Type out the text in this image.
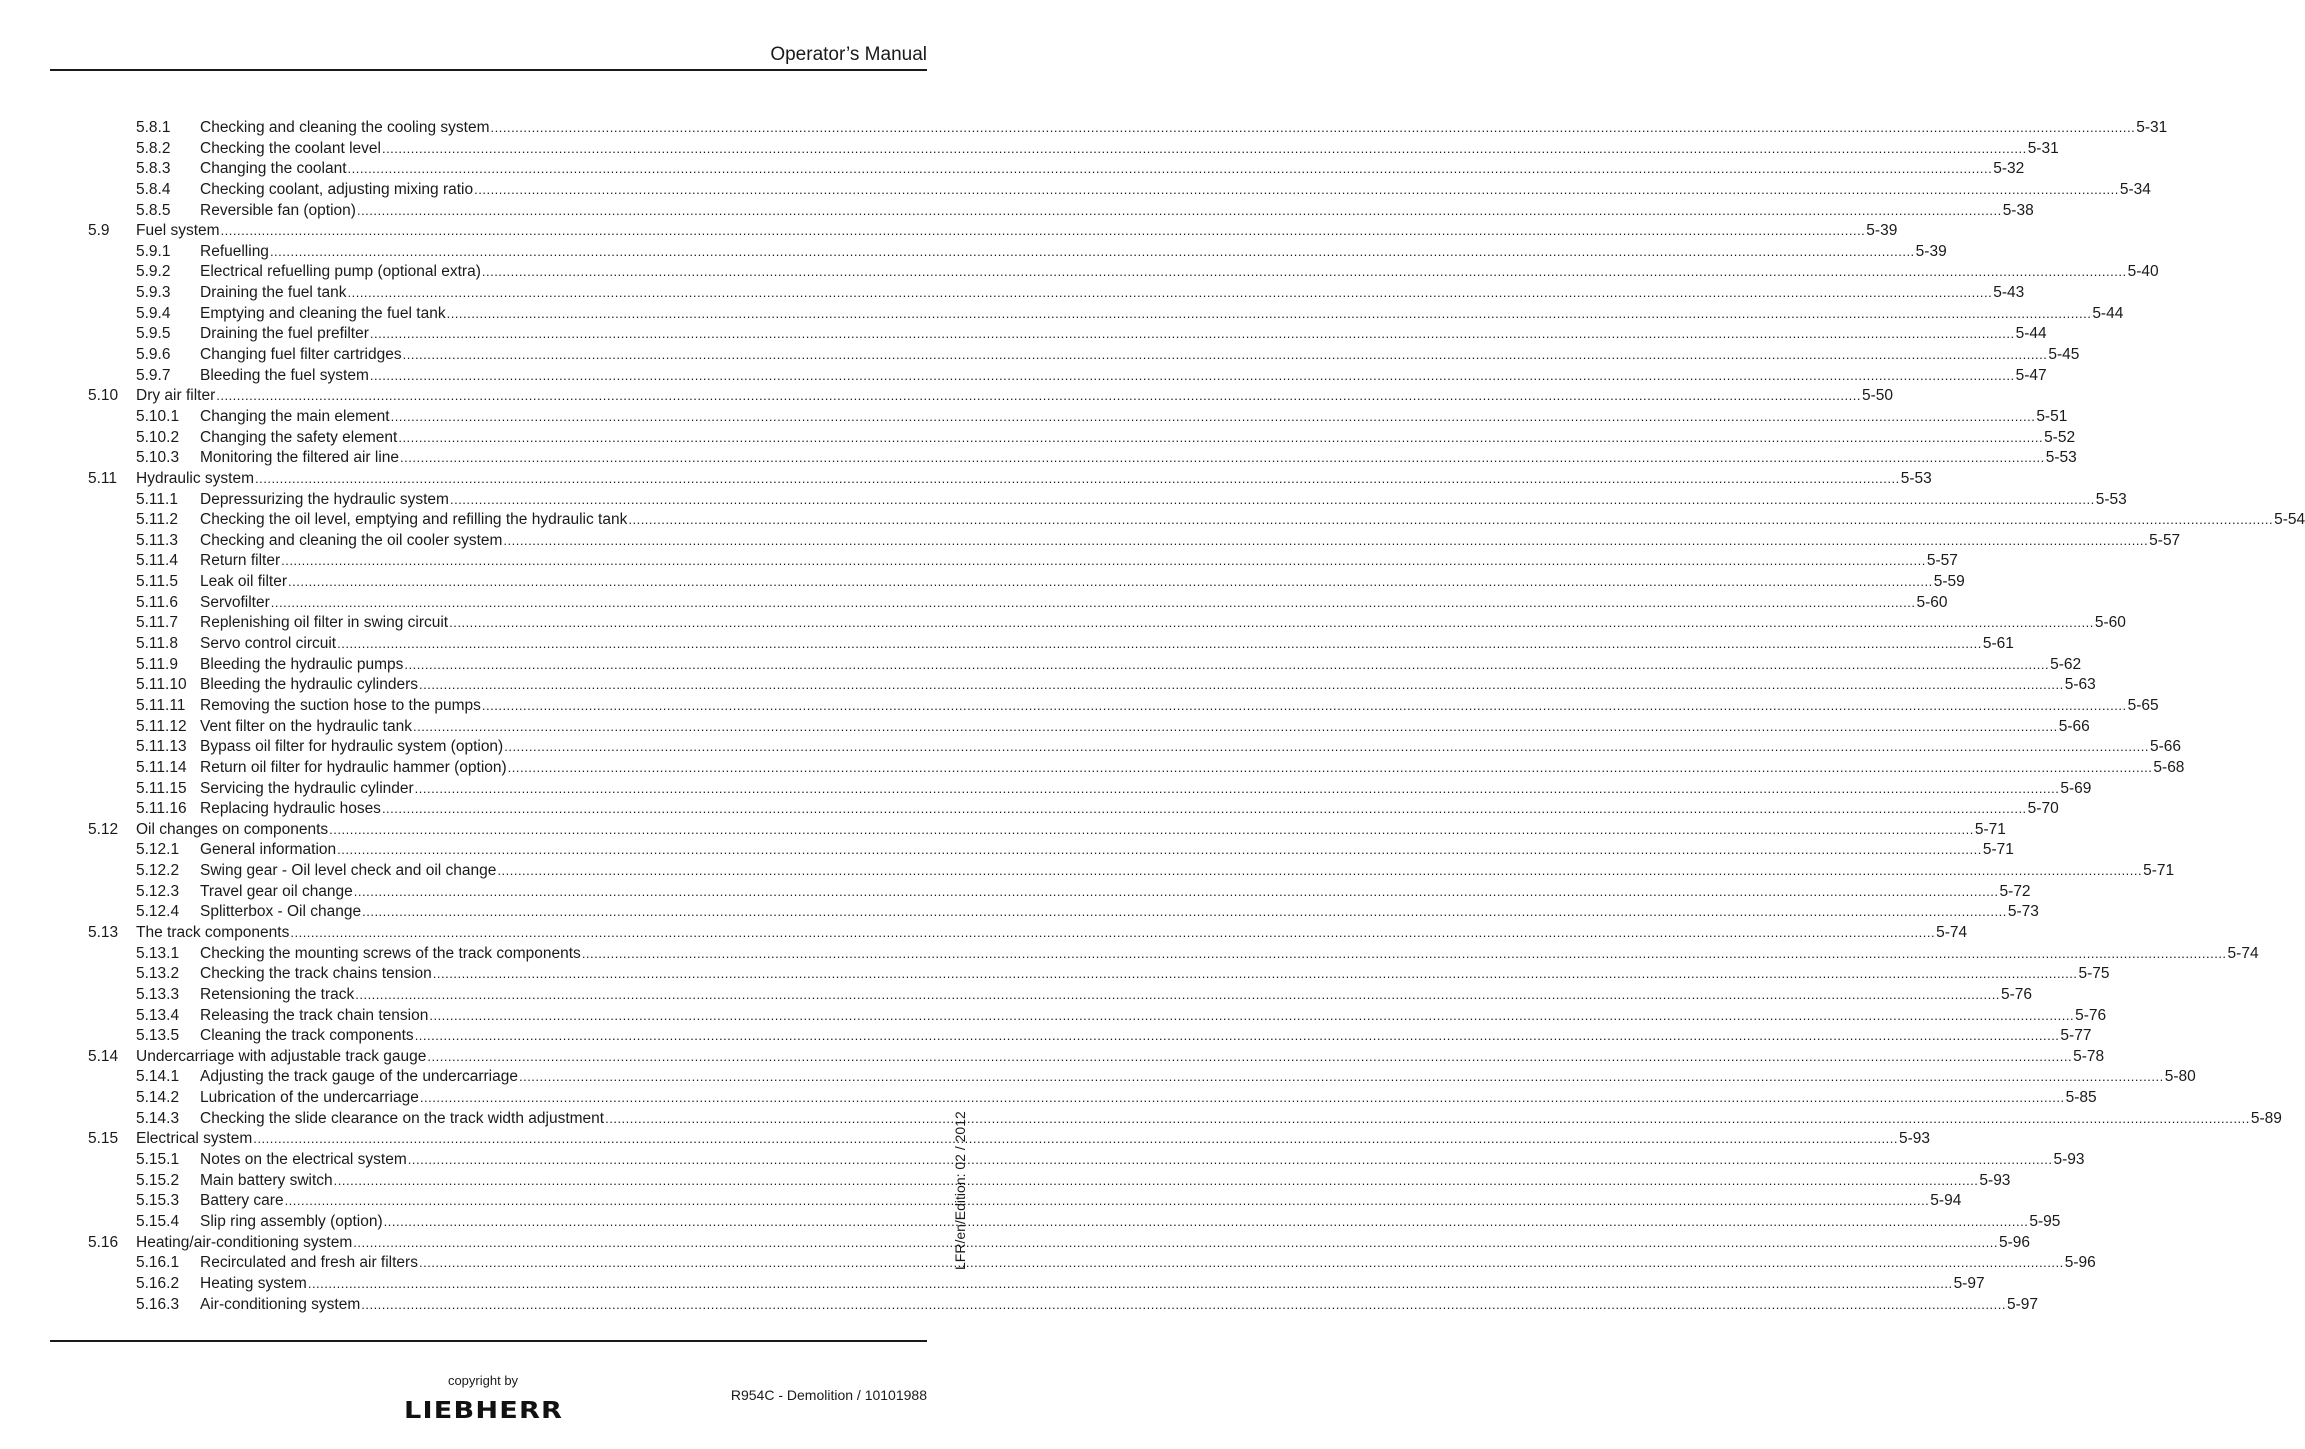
Operator’s Manual
5.8.1 Checking and cleaning the cooling system ................................................................................................................................................................................................................................................................................................................................................................................................................ 5-31
5.8.2 Checking the coolant level ................................................................................................................................................................................................................................................................................................................................................................................................................ 5-31
5.8.3 Changing the coolant ................................................................................................................................................................................................................................................................................................................................................................................................................ 5-32
5.8.4 Checking coolant, adjusting mixing ratio ................................................................................................................................................................................................................................................................................................................................................................................................................ 5-34
5.8.5 Reversible fan (option) ................................................................................................................................................................................................................................................................................................................................................................................................................ 5-38
5.9 Fuel system ................................................................................................................................................................................................................................................................................................................................................................................................................ 5-39
5.9.1 Refuelling ................................................................................................................................................................................................................................................................................................................................................................................................................ 5-39
5.9.2 Electrical refuelling pump (optional extra) ................................................................................................................................................................................................................................................................................................................................................................................................................ 5-40
5.9.3 Draining the fuel tank ................................................................................................................................................................................................................................................................................................................................................................................................................ 5-43
5.9.4 Emptying and cleaning the fuel tank ................................................................................................................................................................................................................................................................................................................................................................................................................ 5-44
5.9.5 Draining the fuel prefilter ................................................................................................................................................................................................................................................................................................................................................................................................................ 5-44
5.9.6 Changing fuel filter cartridges ................................................................................................................................................................................................................................................................................................................................................................................................................ 5-45
5.9.7 Bleeding the fuel system ................................................................................................................................................................................................................................................................................................................................................................................................................ 5-47
5.10 Dry air filter ................................................................................................................................................................................................................................................................................................................................................................................................................ 5-50
5.10.1 Changing the main element ................................................................................................................................................................................................................................................................................................................................................................................................................ 5-51
5.10.2 Changing the safety element ................................................................................................................................................................................................................................................................................................................................................................................................................ 5-52
5.10.3 Monitoring the filtered air line ................................................................................................................................................................................................................................................................................................................................................................................................................ 5-53
5.11 Hydraulic system ................................................................................................................................................................................................................................................................................................................................................................................................................ 5-53
5.11.1 Depressurizing the hydraulic system ................................................................................................................................................................................................................................................................................................................................................................................................................ 5-53
5.11.2 Checking the oil level, emptying and refilling the hydraulic tank ................................................................................................................................................................................................................................................................................................................................................................................................................ 5-54
5.11.3 Checking and cleaning the oil cooler system ................................................................................................................................................................................................................................................................................................................................................................................................................ 5-57
5.11.4 Return filter ................................................................................................................................................................................................................................................................................................................................................................................................................ 5-57
5.11.5 Leak oil filter ................................................................................................................................................................................................................................................................................................................................................................................................................ 5-59
5.11.6 Servofilter ................................................................................................................................................................................................................................................................................................................................................................................................................ 5-60
5.11.7 Replenishing oil filter in swing circuit ................................................................................................................................................................................................................................................................................................................................................................................................................ 5-60
5.11.8 Servo control circuit ................................................................................................................................................................................................................................................................................................................................................................................................................ 5-61
5.11.9 Bleeding the hydraulic pumps ................................................................................................................................................................................................................................................................................................................................................................................................................ 5-62
5.11.10 Bleeding the hydraulic cylinders ................................................................................................................................................................................................................................................................................................................................................................................................................ 5-63
5.11.11 Removing the suction hose to the pumps ................................................................................................................................................................................................................................................................................................................................................................................................................ 5-65
5.11.12 Vent filter on the hydraulic tank ................................................................................................................................................................................................................................................................................................................................................................................................................ 5-66
5.11.13 Bypass oil filter for hydraulic system (option) ................................................................................................................................................................................................................................................................................................................................................................................................................ 5-66
5.11.14 Return oil filter for hydraulic hammer (option) ................................................................................................................................................................................................................................................................................................................................................................................................................ 5-68
5.11.15 Servicing the hydraulic cylinder ................................................................................................................................................................................................................................................................................................................................................................................................................ 5-69
5.11.16 Replacing hydraulic hoses ................................................................................................................................................................................................................................................................................................................................................................................................................ 5-70
5.12 Oil changes on components ................................................................................................................................................................................................................................................................................................................................................................................................................ 5-71
5.12.1 General information ................................................................................................................................................................................................................................................................................................................................................................................................................ 5-71
5.12.2 Swing gear - Oil level check and oil change ................................................................................................................................................................................................................................................................................................................................................................................................................ 5-71
5.12.3 Travel gear oil change ................................................................................................................................................................................................................................................................................................................................................................................................................ 5-72
5.12.4 Splitterbox - Oil change ................................................................................................................................................................................................................................................................................................................................................................................................................ 5-73
5.13 The track components ................................................................................................................................................................................................................................................................................................................................................................................................................ 5-74
5.13.1 Checking the mounting screws of the track components ................................................................................................................................................................................................................................................................................................................................................................................................................ 5-74
5.13.2 Checking the track chains tension ................................................................................................................................................................................................................................................................................................................................................................................................................ 5-75
5.13.3 Retensioning the track ................................................................................................................................................................................................................................................................................................................................................................................................................ 5-76
5.13.4 Releasing the track chain tension ................................................................................................................................................................................................................................................................................................................................................................................................................ 5-76
5.13.5 Cleaning the track components ................................................................................................................................................................................................................................................................................................................................................................................................................ 5-77
5.14 Undercarriage with adjustable track gauge ................................................................................................................................................................................................................................................................................................................................................................................................................ 5-78
5.14.1 Adjusting the track gauge of the undercarriage ................................................................................................................................................................................................................................................................................................................................................................................................................ 5-80
5.14.2 Lubrication of the undercarriage ................................................................................................................................................................................................................................................................................................................................................................................................................ 5-85
5.14.3 Checking the slide clearance on the track width adjustment ................................................................................................................................................................................................................................................................................................................................................................................................................ 5-89
5.15 Electrical system ................................................................................................................................................................................................................................................................................................................................................................................................................ 5-93
5.15.1 Notes on the electrical system ................................................................................................................................................................................................................................................................................................................................................................................................................ 5-93
5.15.2 Main battery switch ................................................................................................................................................................................................................................................................................................................................................................................................................ 5-93
5.15.3 Battery care ................................................................................................................................................................................................................................................................................................................................................................................................................ 5-94
5.15.4 Slip ring assembly (option) ................................................................................................................................................................................................................................................................................................................................................................................................................ 5-95
5.16 Heating/air-conditioning system ................................................................................................................................................................................................................................................................................................................................................................................................................ 5-96
5.16.1 Recirculated and fresh air filters ................................................................................................................................................................................................................................................................................................................................................................................................................ 5-96
5.16.2 Heating system ................................................................................................................................................................................................................................................................................................................................................................................................................ 5-97
5.16.3 Air-conditioning system ................................................................................................................................................................................................................................................................................................................................................................................................................ 5-97
LFR/en/Edition: 02 / 2012
copyright by
LIEBHERR
R954C - Demolition / 10101988
